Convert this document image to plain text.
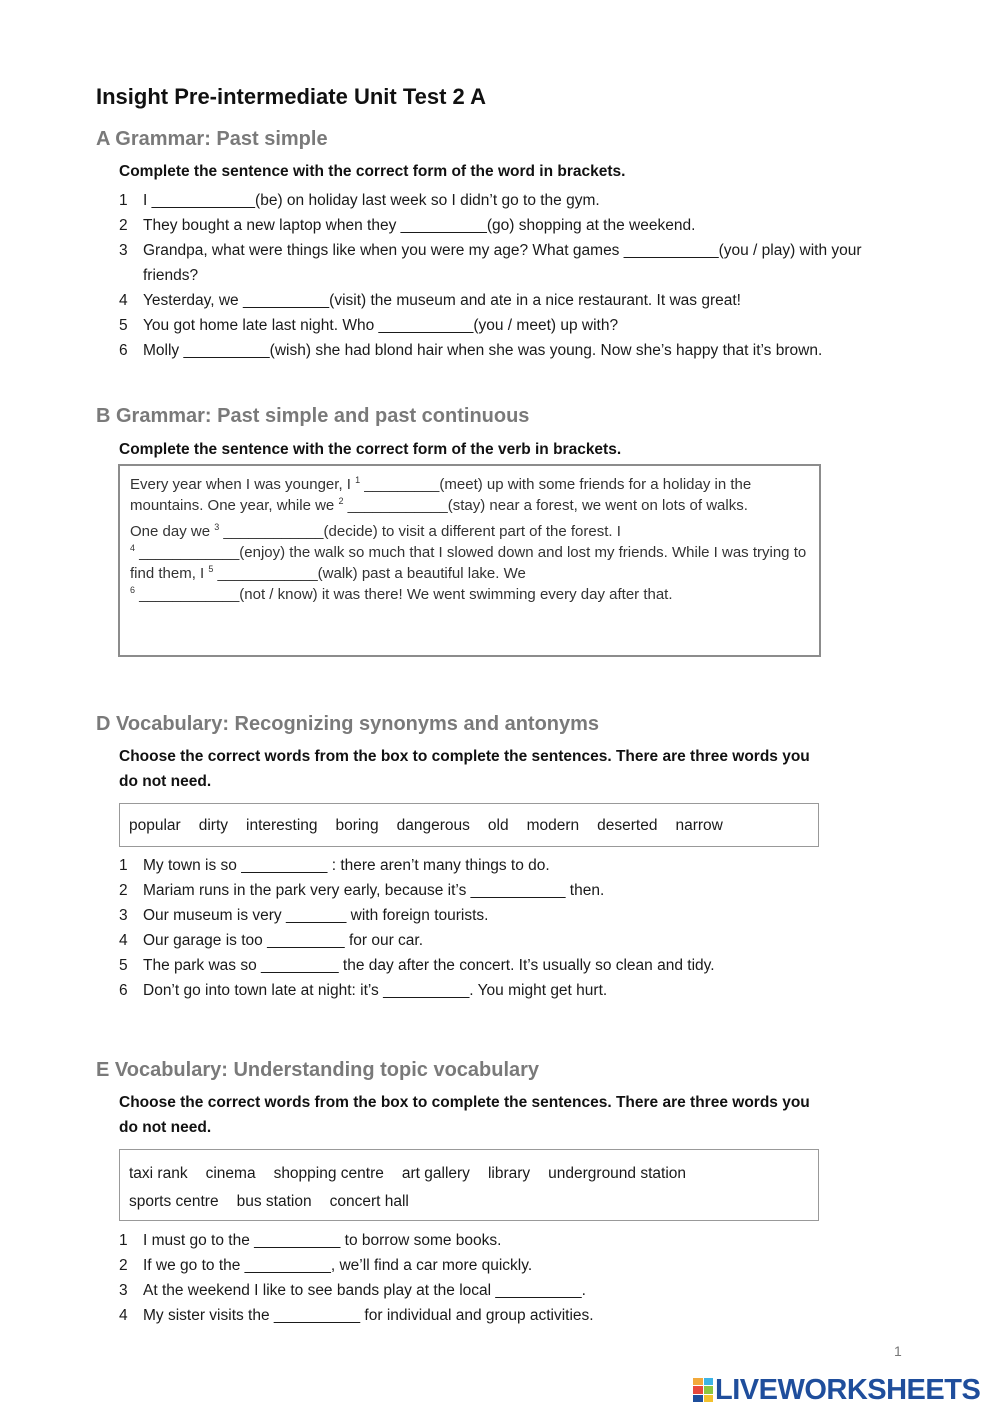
Insight Pre-intermediate Unit Test 2 A
A Grammar: Past simple

Complete the sentence with the correct form of the word in brackets.

1 I ____________(be) on holiday last week so I didn’t go to the gym.
2 They bought a new laptop when they __________(go) shopping at the weekend.
3 Grandpa, what were things like when you were my age? What games ___________(you / play) with your friends?
4 Yesterday, we __________(visit) the museum and ate in a nice restaurant. It was great!
5 You got home late last night. Who ___________(you / meet) up with?
6 Molly __________(wish) she had blond hair when she was young. Now she’s happy that it’s brown.
B Grammar: Past simple and past continuous

Complete the sentence with the correct form of the verb in brackets.

Every year when I was younger, I $^1$ _________(meet) up with some friends for a holiday in the mountains. One year, while we $^2$ ____________(stay) near a forest, we went on lots of walks.

One day we $^3$ ____________(decide) to visit a different part of the forest. I
$^4$ ____________(enjoy) the walk so much that I slowed down and lost my friends. While I was trying to find them, I $^5$ ____________(walk) past a beautiful lake. We
$^6$ ____________(not / know) it was there! We went swimming every day after that.

D Vocabulary: Recognizing synonyms and antonyms

Choose the correct words from the box to complete the sentences. There are three words you do not need.

popular dirty interesting boring dangerous old modern deserted narrow
1 My town is so __________ : there aren’t many things to do.
2 Mariam runs in the park very early, because it’s ___________ then.
3 Our museum is very _______ with foreign tourists.
4 Our garage is too _________ for our car.
5 The park was so _________ the day after the concert. It’s usually so clean and tidy.
6 Don’t go into town late at night: it’s __________. You might get hurt.
E Vocabulary: Understanding topic vocabulary

Choose the correct words from the box to complete the sentences. There are three words you do not need.

taxi rank cinema shopping centre art gallery library underground station
sports centre bus station concert hall
1 I must go to the __________ to borrow some books.
2 If we go to the __________, we’ll find a car more quickly.
3 At the weekend I like to see bands play at the local __________.
4 My sister visits the __________ for individual and group activities.
1
LIVEWORKSHEETS
